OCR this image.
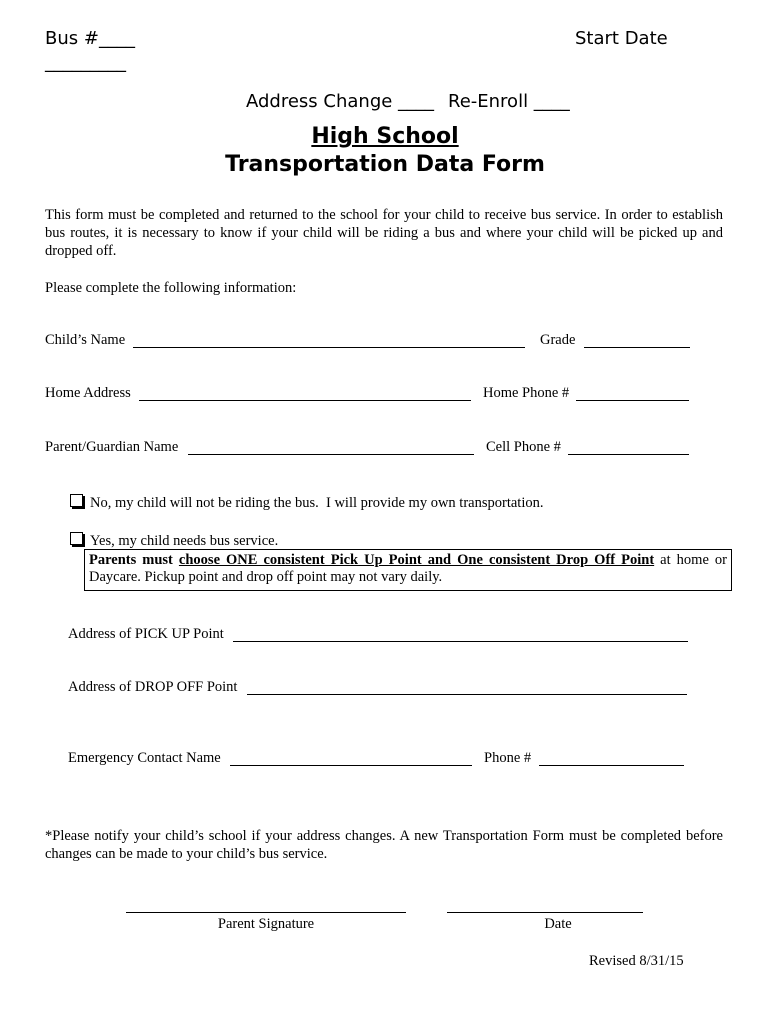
Bus #____
_________
Start Date
Address Change ____ Re-Enroll ____
High School
Transportation Data Form
This form must be completed and returned to the school for your child to receive bus service. In order to establish bus routes, it is necessary to know if your child will be riding a bus and where your child will be picked up and dropped off.
Please complete the following information:
Child’s Name	Grade
Home Address	Home Phone #
Parent/Guardian Name	Cell Phone #
No, my child will not be riding the bus.  I will provide my own transportation.
Yes, my child needs bus service.
Parents must choose ONE consistent Pick Up Point and One consistent Drop Off Point at home or Daycare. Pickup point and drop off point may not vary daily.
Address of PICK UP Point
Address of DROP OFF Point
Emergency Contact Name	Phone #
*Please notify your child’s school if your address changes. A new Transportation Form must be completed before changes can be made to your child’s bus service.
Parent Signature	Date
Revised 8/31/15
